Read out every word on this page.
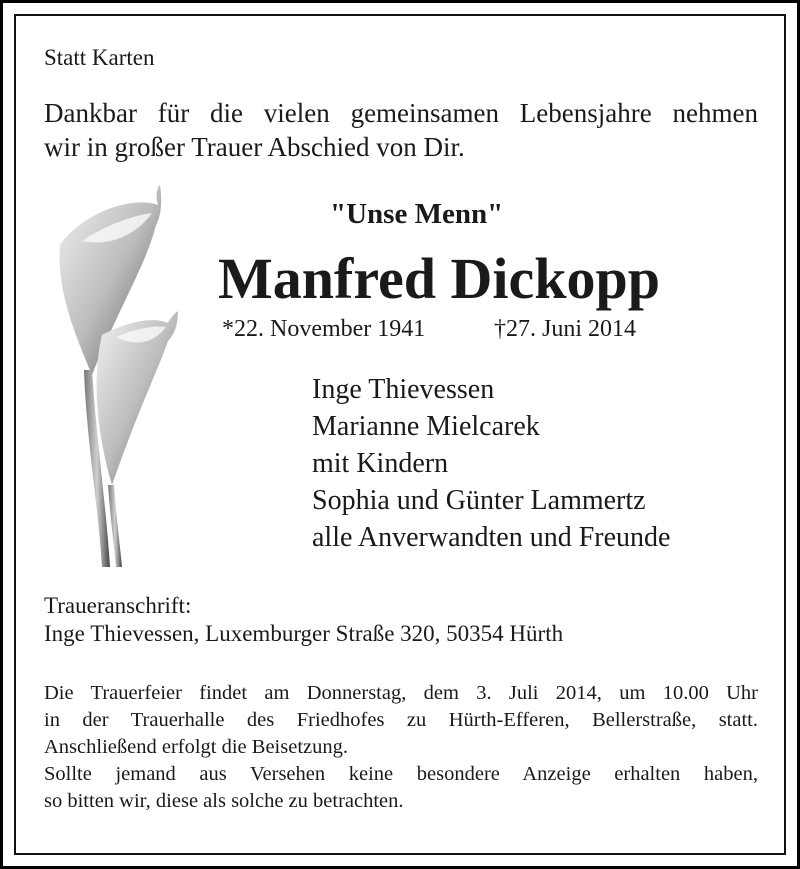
Statt Karten
Dankbar für die vielen gemeinsamen Lebensjahre nehmen
wir in großer Trauer Abschied von Dir.
"Unse Menn"
Manfred Dickopp
*22. November 1941	†27. Juni 2014
Inge Thievessen
Marianne Mielcarek
mit Kindern
Sophia und Günter Lammertz
alle Anverwandten und Freunde
Traueranschrift:
Inge Thievessen, Luxemburger Straße 320, 50354 Hürth
Die Trauerfeier findet am Donnerstag, dem 3. Juli 2014, um 10.00 Uhr
in der Trauerhalle des Friedhofes zu Hürth-Efferen, Bellerstraße, statt.
Anschließend erfolgt die Beisetzung.
Sollte jemand aus Versehen keine besondere Anzeige erhalten haben,
so bitten wir, diese als solche zu betrachten.
